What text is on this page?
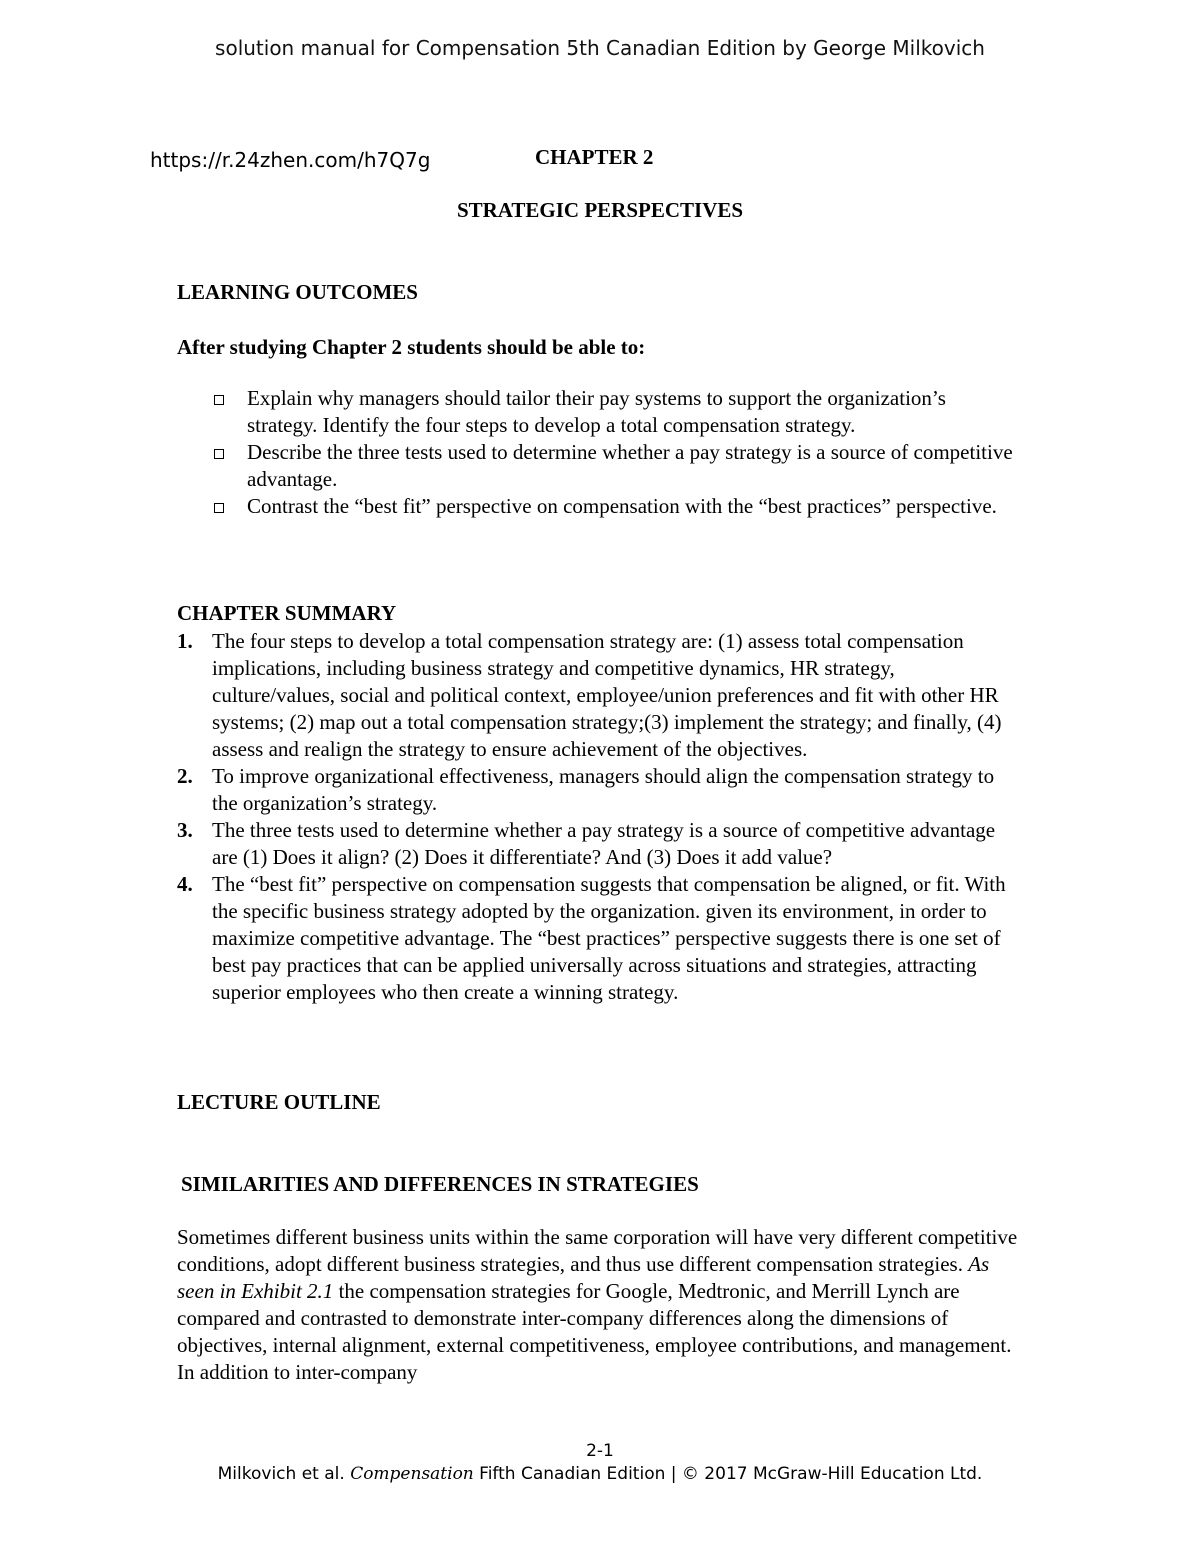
solution manual for Compensation 5th Canadian Edition by George Milkovich
https://r.24zhen.com/h7Q7g	CHAPTER 2
STRATEGIC PERSPECTIVES
LEARNING OUTCOMES
After studying Chapter 2 students should be able to:
Explain why managers should tailor their pay systems to support the organization’s strategy. Identify the four steps to develop a total compensation strategy.
Describe the three tests used to determine whether a pay strategy is a source of competitive advantage.
Contrast the “best fit” perspective on compensation with the “best practices” perspective.
CHAPTER SUMMARY
1. The four steps to develop a total compensation strategy are: (1) assess total compensation implications, including business strategy and competitive dynamics, HR strategy, culture/values, social and political context, employee/union preferences and fit with other HR systems; (2) map out a total compensation strategy;(3) implement the strategy; and finally, (4) assess and realign the strategy to ensure achievement of the objectives.
2. To improve organizational effectiveness, managers should align the compensation strategy to the organization’s strategy.
3. The three tests used to determine whether a pay strategy is a source of competitive advantage are (1) Does it align? (2) Does it differentiate? And (3) Does it add value?
4. The “best fit” perspective on compensation suggests that compensation be aligned, or fit. With the specific business strategy adopted by the organization. given its environment, in order to maximize competitive advantage. The “best practices” perspective suggests there is one set of best pay practices that can be applied universally across situations and strategies, attracting superior employees who then create a winning strategy.
LECTURE OUTLINE
SIMILARITIES AND DIFFERENCES IN STRATEGIES
Sometimes different business units within the same corporation will have very different competitive conditions, adopt different business strategies, and thus use different compensation strategies. As seen in Exhibit 2.1 the compensation strategies for Google, Medtronic, and Merrill Lynch are compared and contrasted to demonstrate inter-company differences along the dimensions of objectives, internal alignment, external competitiveness, employee contributions, and management. In addition to inter-company
2-1
Milkovich et al. Compensation Fifth Canadian Edition | © 2017 McGraw-Hill Education Ltd.
